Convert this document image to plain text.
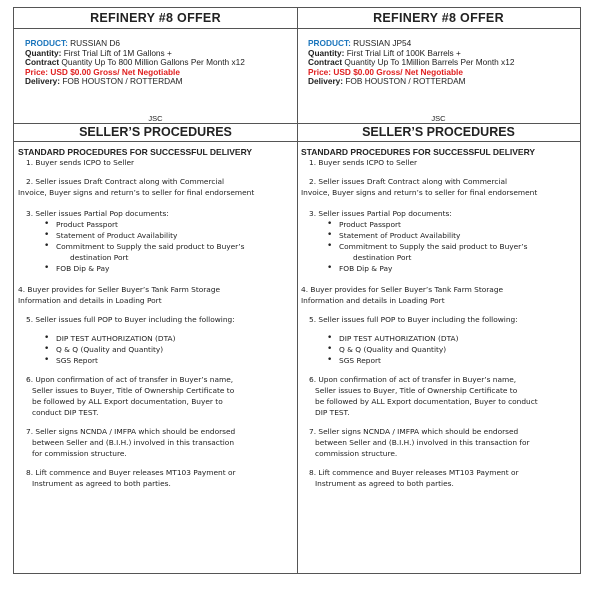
REFINERY #8 OFFER
PRODUCT: RUSSIAN D6
Quantity: First Trial Lift of 1M Gallons +
Contract Quantity Up To 800 Million Gallons Per Month x12
Price: USD $0.00 Gross/ Net Negotiable
Delivery: FOB HOUSTON / ROTTERDAM
JSC
SELLER’S PROCEDURES
STANDARD PROCEDURES FOR SUCCESSFUL DELIVERY
1. Buyer sends ICPO to Seller
2. Seller issues Draft Contract along with Commercial
Invoice, Buyer signs and return’s to seller for final endorsement
3. Seller issues Partial Pop documents:
• Product Passport
• Statement of Product Availability
• Commitment to Supply the said product to Buyer’s
destination Port
• FOB Dip & Pay
4. Buyer provides for Seller Buyer’s Tank Farm Storage
Information and details in Loading Port
5. Seller issues full POP to Buyer including the following:
• DIP TEST AUTHORIZATION (DTA)
• Q & Q (Quality and Quantity)
• SGS Report
6. Upon confirmation of act of transfer in Buyer’s name,
Seller issues to Buyer, Title of Ownership Certificate to
be followed by ALL Export documentation, Buyer to
conduct DIP TEST.
7. Seller signs NCNDA / IMFPA which should be endorsed
between Seller and (B.I.H.) involved in this transaction
for commission structure.
8. Lift commence and Buyer releases MT103 Payment or
Instrument as agreed to both parties.
REFINERY #8 OFFER
PRODUCT: RUSSIAN JP54
Quantity: First Trial Lift of 100K Barrels +
Contract Quantity Up To 1Million Barrels Per Month x12
Price: USD $0.00 Gross/ Net Negotiable
Delivery: FOB HOUSTON / ROTTERDAM
JSC
SELLER’S PROCEDURES
STANDARD PROCEDURES FOR SUCCESSFUL DELIVERY
1. Buyer sends ICPO to Seller
2. Seller issues Draft Contract along with Commercial
Invoice, Buyer signs and return’s to seller for final endorsement
3. Seller issues Partial Pop documents:
• Product Passport
• Statement of Product Availability
• Commitment to Supply the said product to Buyer’s
destination Port
• FOB Dip & Pay
4. Buyer provides for Seller Buyer’s Tank Farm Storage
Information and details in Loading Port
5. Seller issues full POP to Buyer including the following:
• DIP TEST AUTHORIZATION (DTA)
• Q & Q (Quality and Quantity)
• SGS Report
6. Upon confirmation of act of transfer in Buyer’s name,
Seller issues to Buyer, Title of Ownership Certificate to
be followed by ALL Export documentation, Buyer to conduct
DIP TEST.
7. Seller signs NCNDA / IMFPA which should be endorsed
between Seller and (B.I.H.) involved in this transaction for
commission structure.
8. Lift commence and Buyer releases MT103 Payment or
Instrument as agreed to both parties.
